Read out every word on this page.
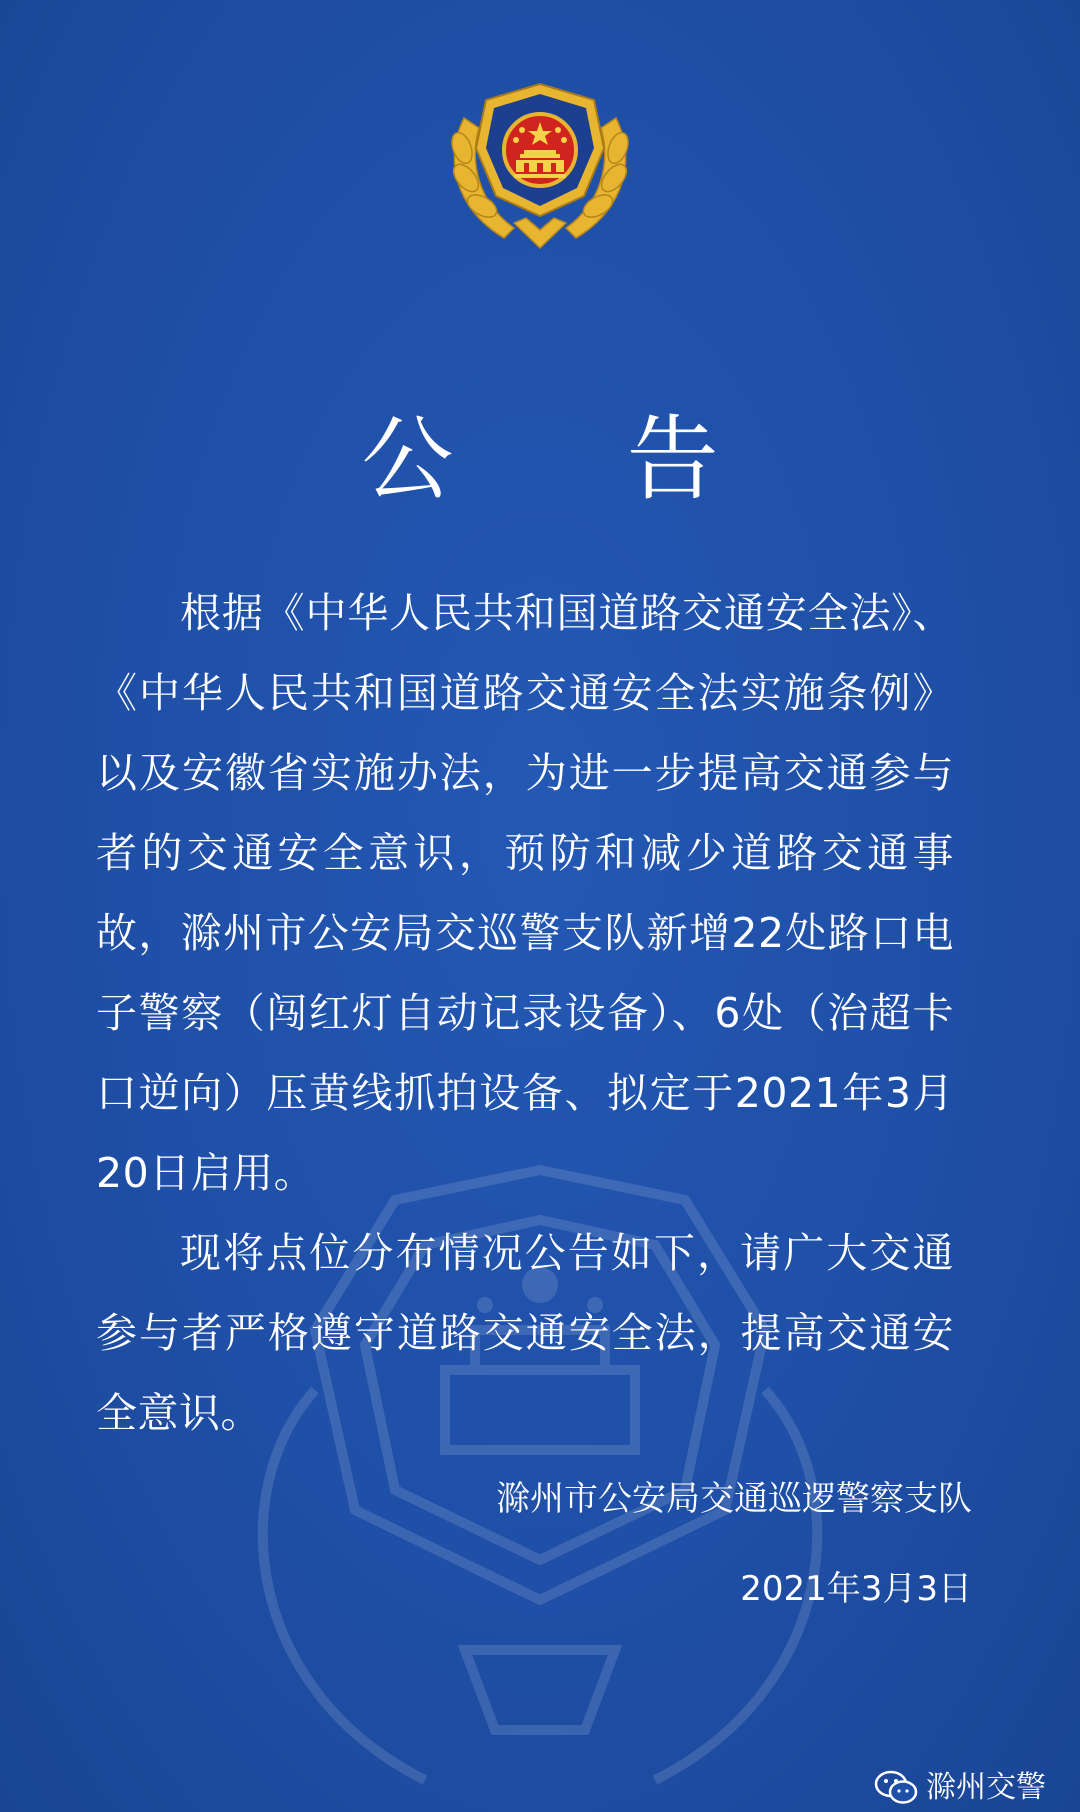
公 告

根据《中华人民共和国道路交通安全法》、《中华人民共和国道路交通安全法实施条例》以及安徽省实施办法，为进一步提高交通参与者的交通安全意识，预防和减少道路交通事故，滁州市公安局交巡警支队新增22处路口电子警察（闯红灯自动记录设备）、6处（治超卡口逆向）压黄线抓拍设备、拟定于2021年3月20日启用。

现将点位分布情况公告如下，请广大交通参与者严格遵守道路交通安全法，提高交通安全意识。

滁州市公安局交通巡逻警察支队
2021年3月3日
滁州交警
